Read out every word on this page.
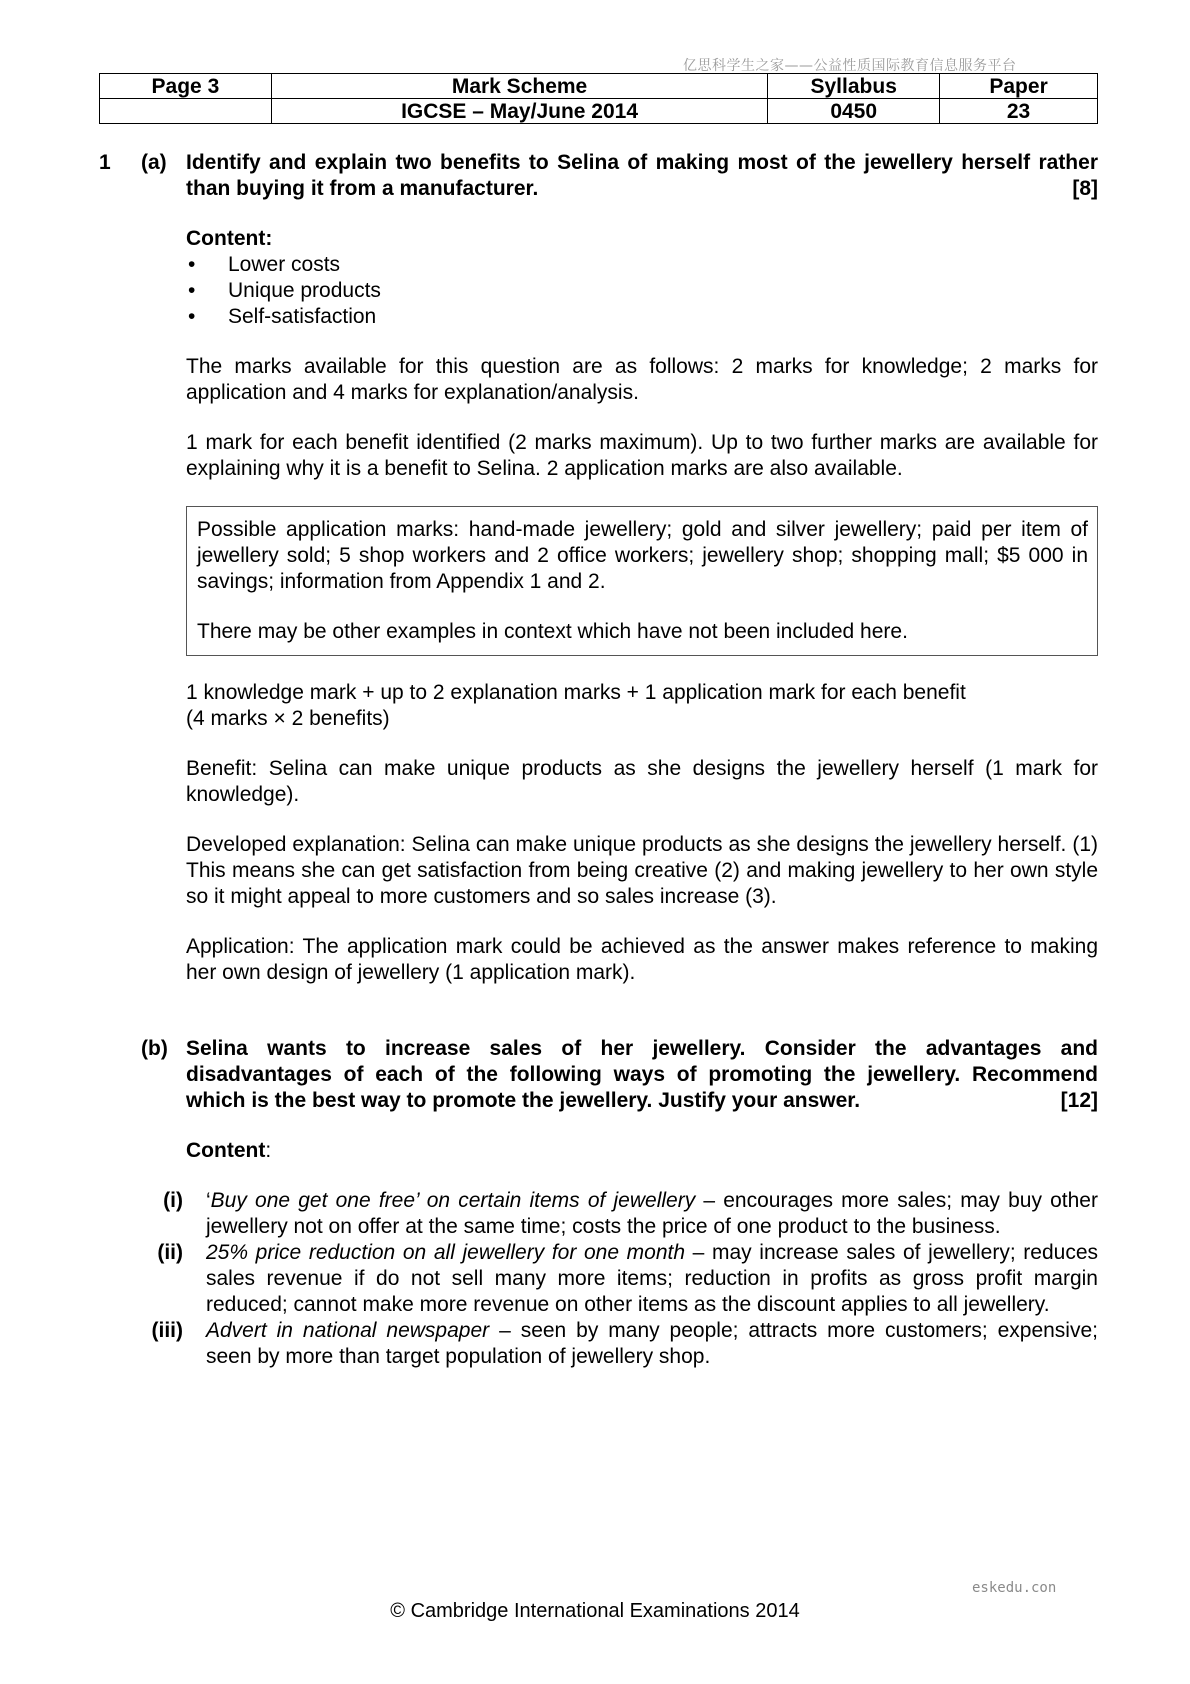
亿思科学生之家——公益性质国际教育信息服务平台
Page 3	Mark Scheme	Syllabus	Paper
	IGCSE – May/June 2014	0450	23
1	(a) Identify and explain two benefits to Selina of making most of the jewellery herself rather than buying it from a manufacturer.	[8]
Content:
• Lower costs
• Unique products
• Self-satisfaction

The marks available for this question are as follows: 2 marks for knowledge; 2 marks for application and 4 marks for explanation/analysis.

1 mark for each benefit identified (2 marks maximum). Up to two further marks are available for explaining why it is a benefit to Selina. 2 application marks are also available.

Possible application marks: hand-made jewellery; gold and silver jewellery; paid per item of jewellery sold; 5 shop workers and 2 office workers; jewellery shop; shopping mall; $5 000 in savings; information from Appendix 1 and 2.

There may be other examples in context which have not been included here.

1 knowledge mark + up to 2 explanation marks + 1 application mark for each benefit
(4 marks × 2 benefits)

Benefit: Selina can make unique products as she designs the jewellery herself (1 mark for knowledge).

Developed explanation: Selina can make unique products as she designs the jewellery herself. (1) This means she can get satisfaction from being creative (2) and making jewellery to her own style so it might appeal to more customers and so sales increase (3).

Application: The application mark could be achieved as the answer makes reference to making her own design of jewellery (1 application mark).

(b) Selina wants to increase sales of her jewellery. Consider the advantages and disadvantages of each of the following ways of promoting the jewellery. Recommend which is the best way to promote the jewellery. Justify your answer.	[12]
Content:
(i) ‘Buy one get one free’ on certain items of jewellery – encourages more sales; may buy other jewellery not on offer at the same time; costs the price of one product to the business.
(ii) 25% price reduction on all jewellery for one month – may increase sales of jewellery; reduces sales revenue if do not sell many more items; reduction in profits as gross profit margin reduced; cannot make more revenue on other items as the discount applies to all jewellery.
(iii) Advert in national newspaper – seen by many people; attracts more customers; expensive; seen by more than target population of jewellery shop.
eskedu.con
© Cambridge International Examinations 2014
